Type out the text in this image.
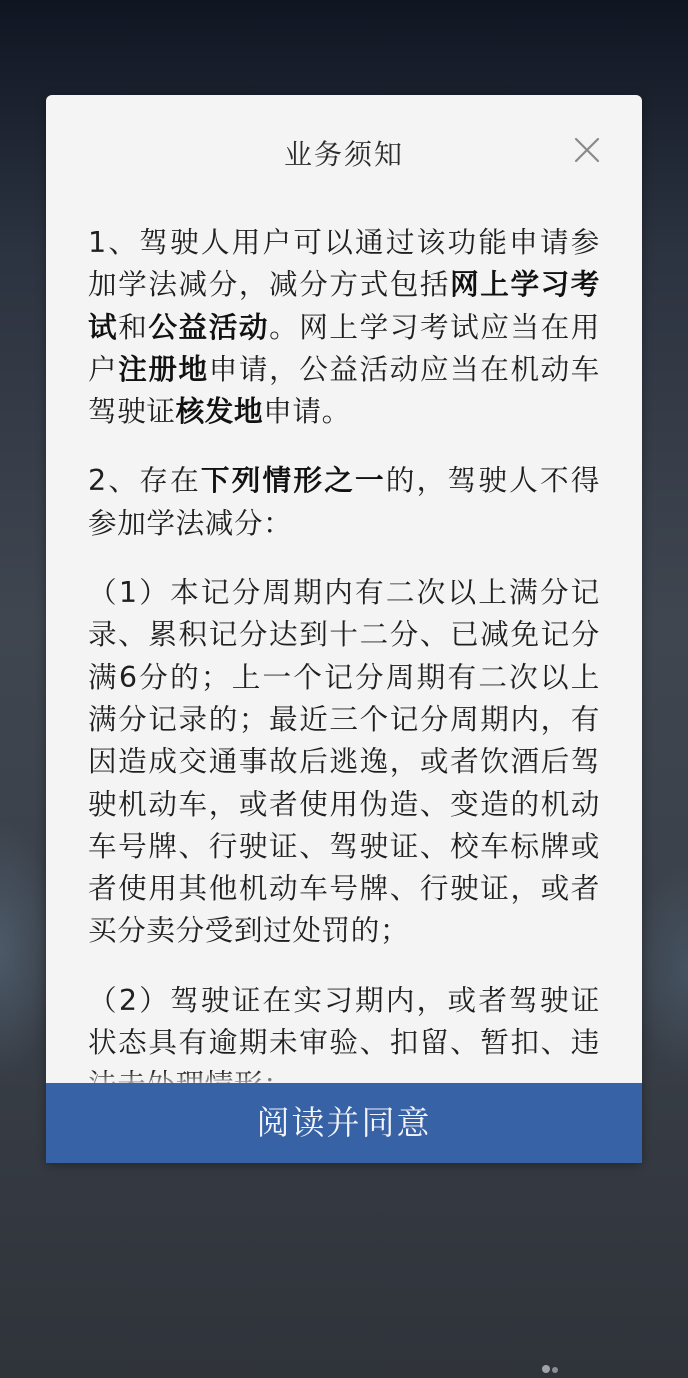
业务须知

1、驾驶人用户可以通过该功能申请参加学法减分，减分方式包括网上学习考试和公益活动。网上学习考试应当在用户注册地申请，公益活动应当在机动车驾驶证核发地申请。

2、存在下列情形之一的，驾驶人不得参加学法减分：

（1）本记分周期内有二次以上满分记录、累积记分达到十二分、已减免记分满6分的；上一个记分周期有二次以上满分记录的；最近三个记分周期内，有因造成交通事故后逃逸，或者饮酒后驾驶机动车，或者使用伪造、变造的机动车号牌、行驶证、驾驶证、校车标牌或者使用其他机动车号牌、行驶证，或者买分卖分受到过处罚的；

（2）驾驶证在实习期内，或者驾驶证状态具有逾期未审验、扣留、暂扣、违

阅读并同意
